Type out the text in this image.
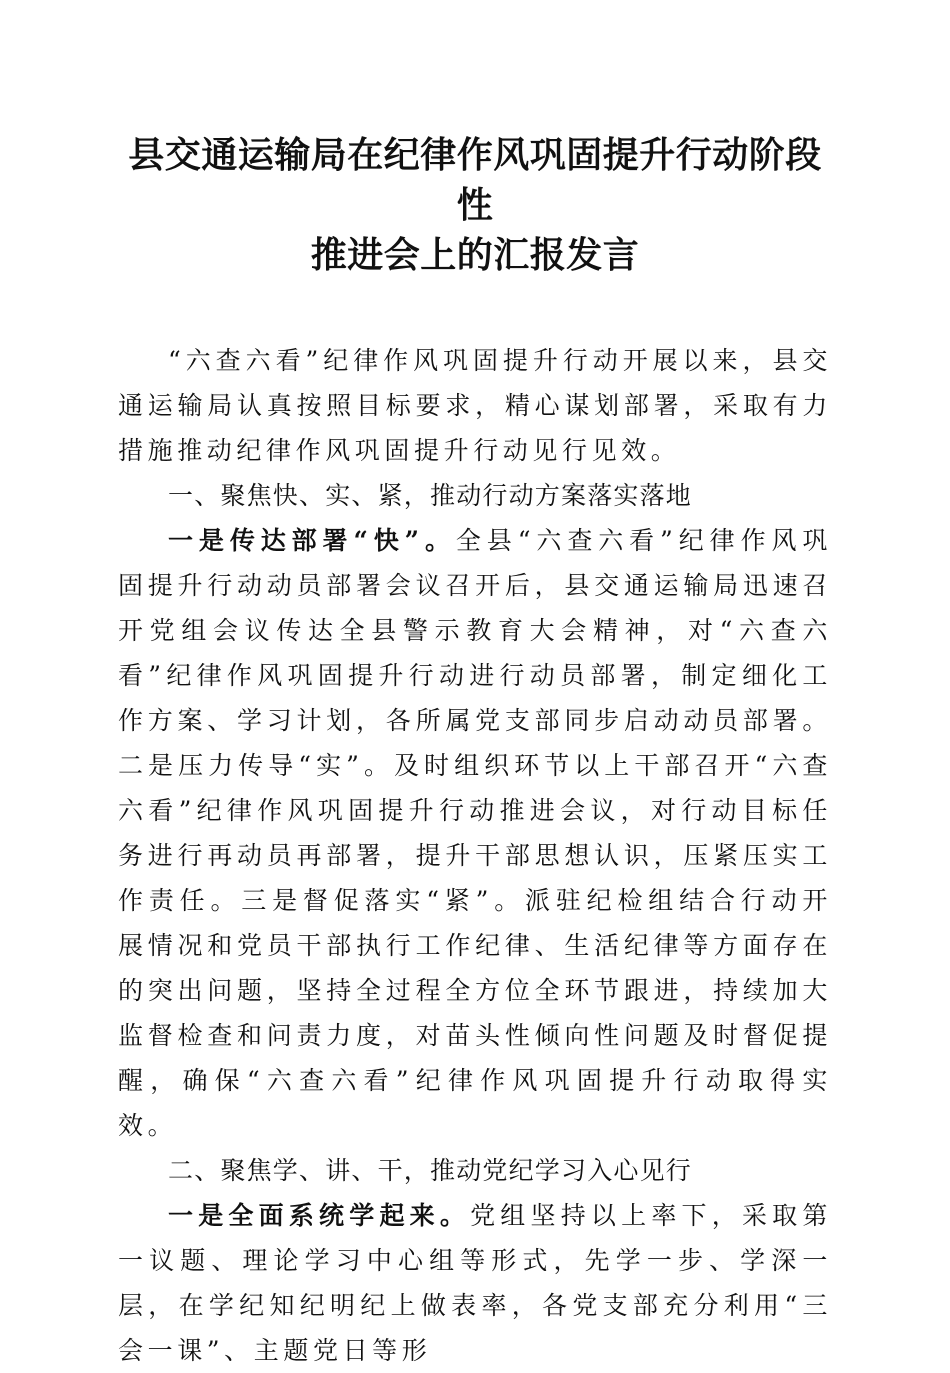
县交通运输局在纪律作风巩固提升行动阶段性
推进会上的汇报发言

“六查六看”纪律作风巩固提升行动开展以来，县交通运输局认真按照目标要求，精心谋划部署，采取有力措施推动纪律作风巩固提升行动见行见效。

一、聚焦快、实、紧，推动行动方案落实落地

一是传达部署“快”。全县“六查六看”纪律作风巩固提升行动动员部署会议召开后，县交通运输局迅速召开党组会议传达全县警示教育大会精神，对“六查六看”纪律作风巩固提升行动进行动员部署，制定细化工作方案、学习计划，各所属党支部同步启动动员部署。二是压力传导“实”。及时组织环节以上干部召开“六查六看”纪律作风巩固提升行动推进会议，对行动目标任务进行再动员再部署，提升干部思想认识，压紧压实工作责任。三是督促落实“紧”。派驻纪检组结合行动开展情况和党员干部执行工作纪律、生活纪律等方面存在的突出问题，坚持全过程全方位全环节跟进，持续加大监督检查和问责力度，对苗头性倾向性问题及时督促提醒，确保“六查六看”纪律作风巩固提升行动取得实效。

二、聚焦学、讲、干，推动党纪学习入心见行

一是全面系统学起来。党组坚持以上率下，采取第一议题、理论学习中心组等形式，先学一步、学深一层，在学纪知纪明纪上做表率，各党支部充分利用“三会一课”、主题党日等形
